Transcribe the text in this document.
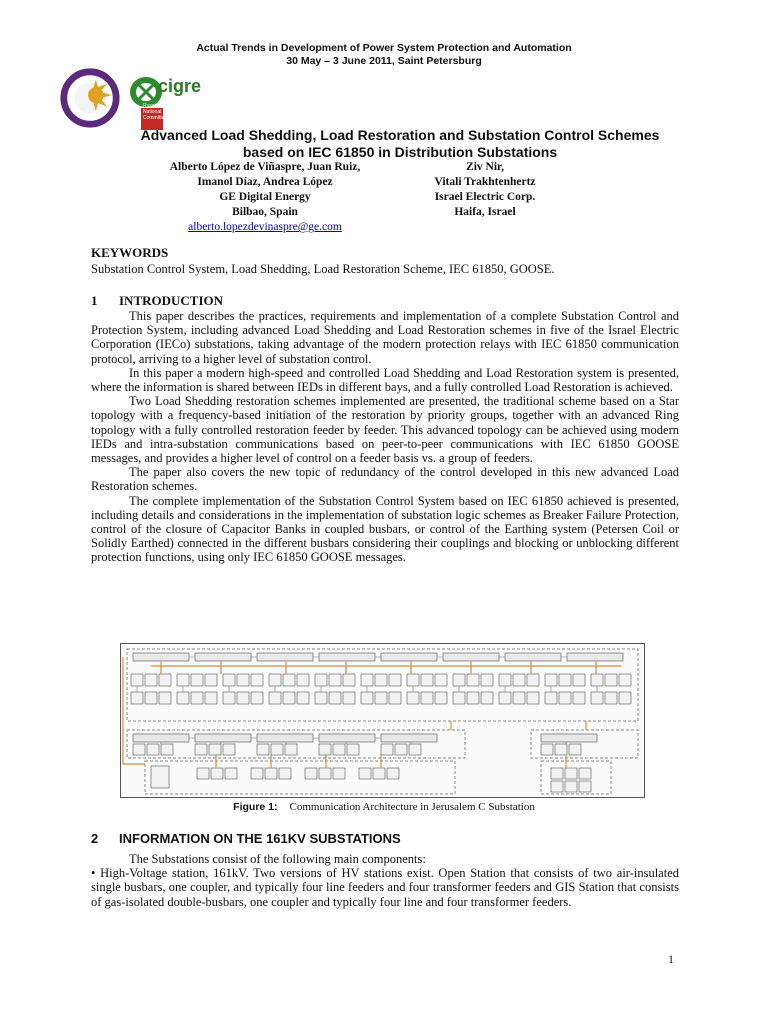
Actual Trends in Development of Power System Protection and Automation
30 May – 3 June 2011, Saint Petersburg
cigre
Russian National Committee
Advanced Load Shedding, Load Restoration and Substation Control Schemes
based on IEC 61850 in Distribution Substations
Alberto López de Viñaspre, Juan Ruiz,
Imanol Díaz, Andrea López
GE Digital Energy
Bilbao, Spain
alberto.lopezdevinaspre@ge.com
Ziv Nir,
Vitali Trakhtenhertz
Israel Electric Corp.
Haifa, Israel
KEYWORDS
Substation Control System, Load Shedding, Load Restoration Scheme, IEC 61850, GOOSE.
1 INTRODUCTION

This paper describes the practices, requirements and implementation of a complete Substation Control and Protection System, including advanced Load Shedding and Load Restoration schemes in five of the Israel Electric Corporation (IECo) substations, taking advantage of the modern protection relays with IEC 61850 communication protocol, arriving to a higher level of substation control.

In this paper a modern high-speed and controlled Load Shedding and Load Restoration system is presented, where the information is shared between IEDs in different bays, and a fully controlled Load Restoration is achieved.

Two Load Shedding restoration schemes implemented are presented, the traditional scheme based on a Star topology with a frequency-based initiation of the restoration by priority groups, together with an advanced Ring topology with a fully controlled restoration feeder by feeder. This advanced topology can be achieved using modern IEDs and intra-substation communications based on peer-to-peer communications with IEC 61850 GOOSE messages, and provides a higher level of control on a feeder basis vs. a group of feeders.

The paper also covers the new topic of redundancy of the control developed in this new advanced Load Restoration schemes.

The complete implementation of the Substation Control System based on IEC 61850 achieved is presented, including details and considerations in the implementation of substation logic schemes as Breaker Failure Protection, control of the closure of Capacitor Banks in coupled busbars, or control of the Earthing system (Petersen Coil or Solidly Earthed) connected in the different busbars considering their couplings and blocking or unblocking different protection functions, using only IEC 61850 GOOSE messages.

Figure 1: Communication Architecture in Jerusalem C Substation
2 INFORMATION ON THE 161KV SUBSTATIONS

The Substations consist of the following main components:

• High-Voltage station, 161kV. Two versions of HV stations exist. Open Station that consists of two air-insulated single busbars, one coupler, and typically four line feeders and four transformer feeders and GIS Station that consists of gas-isolated double-busbars, one coupler and typically four line and four transformer feeders.

1
